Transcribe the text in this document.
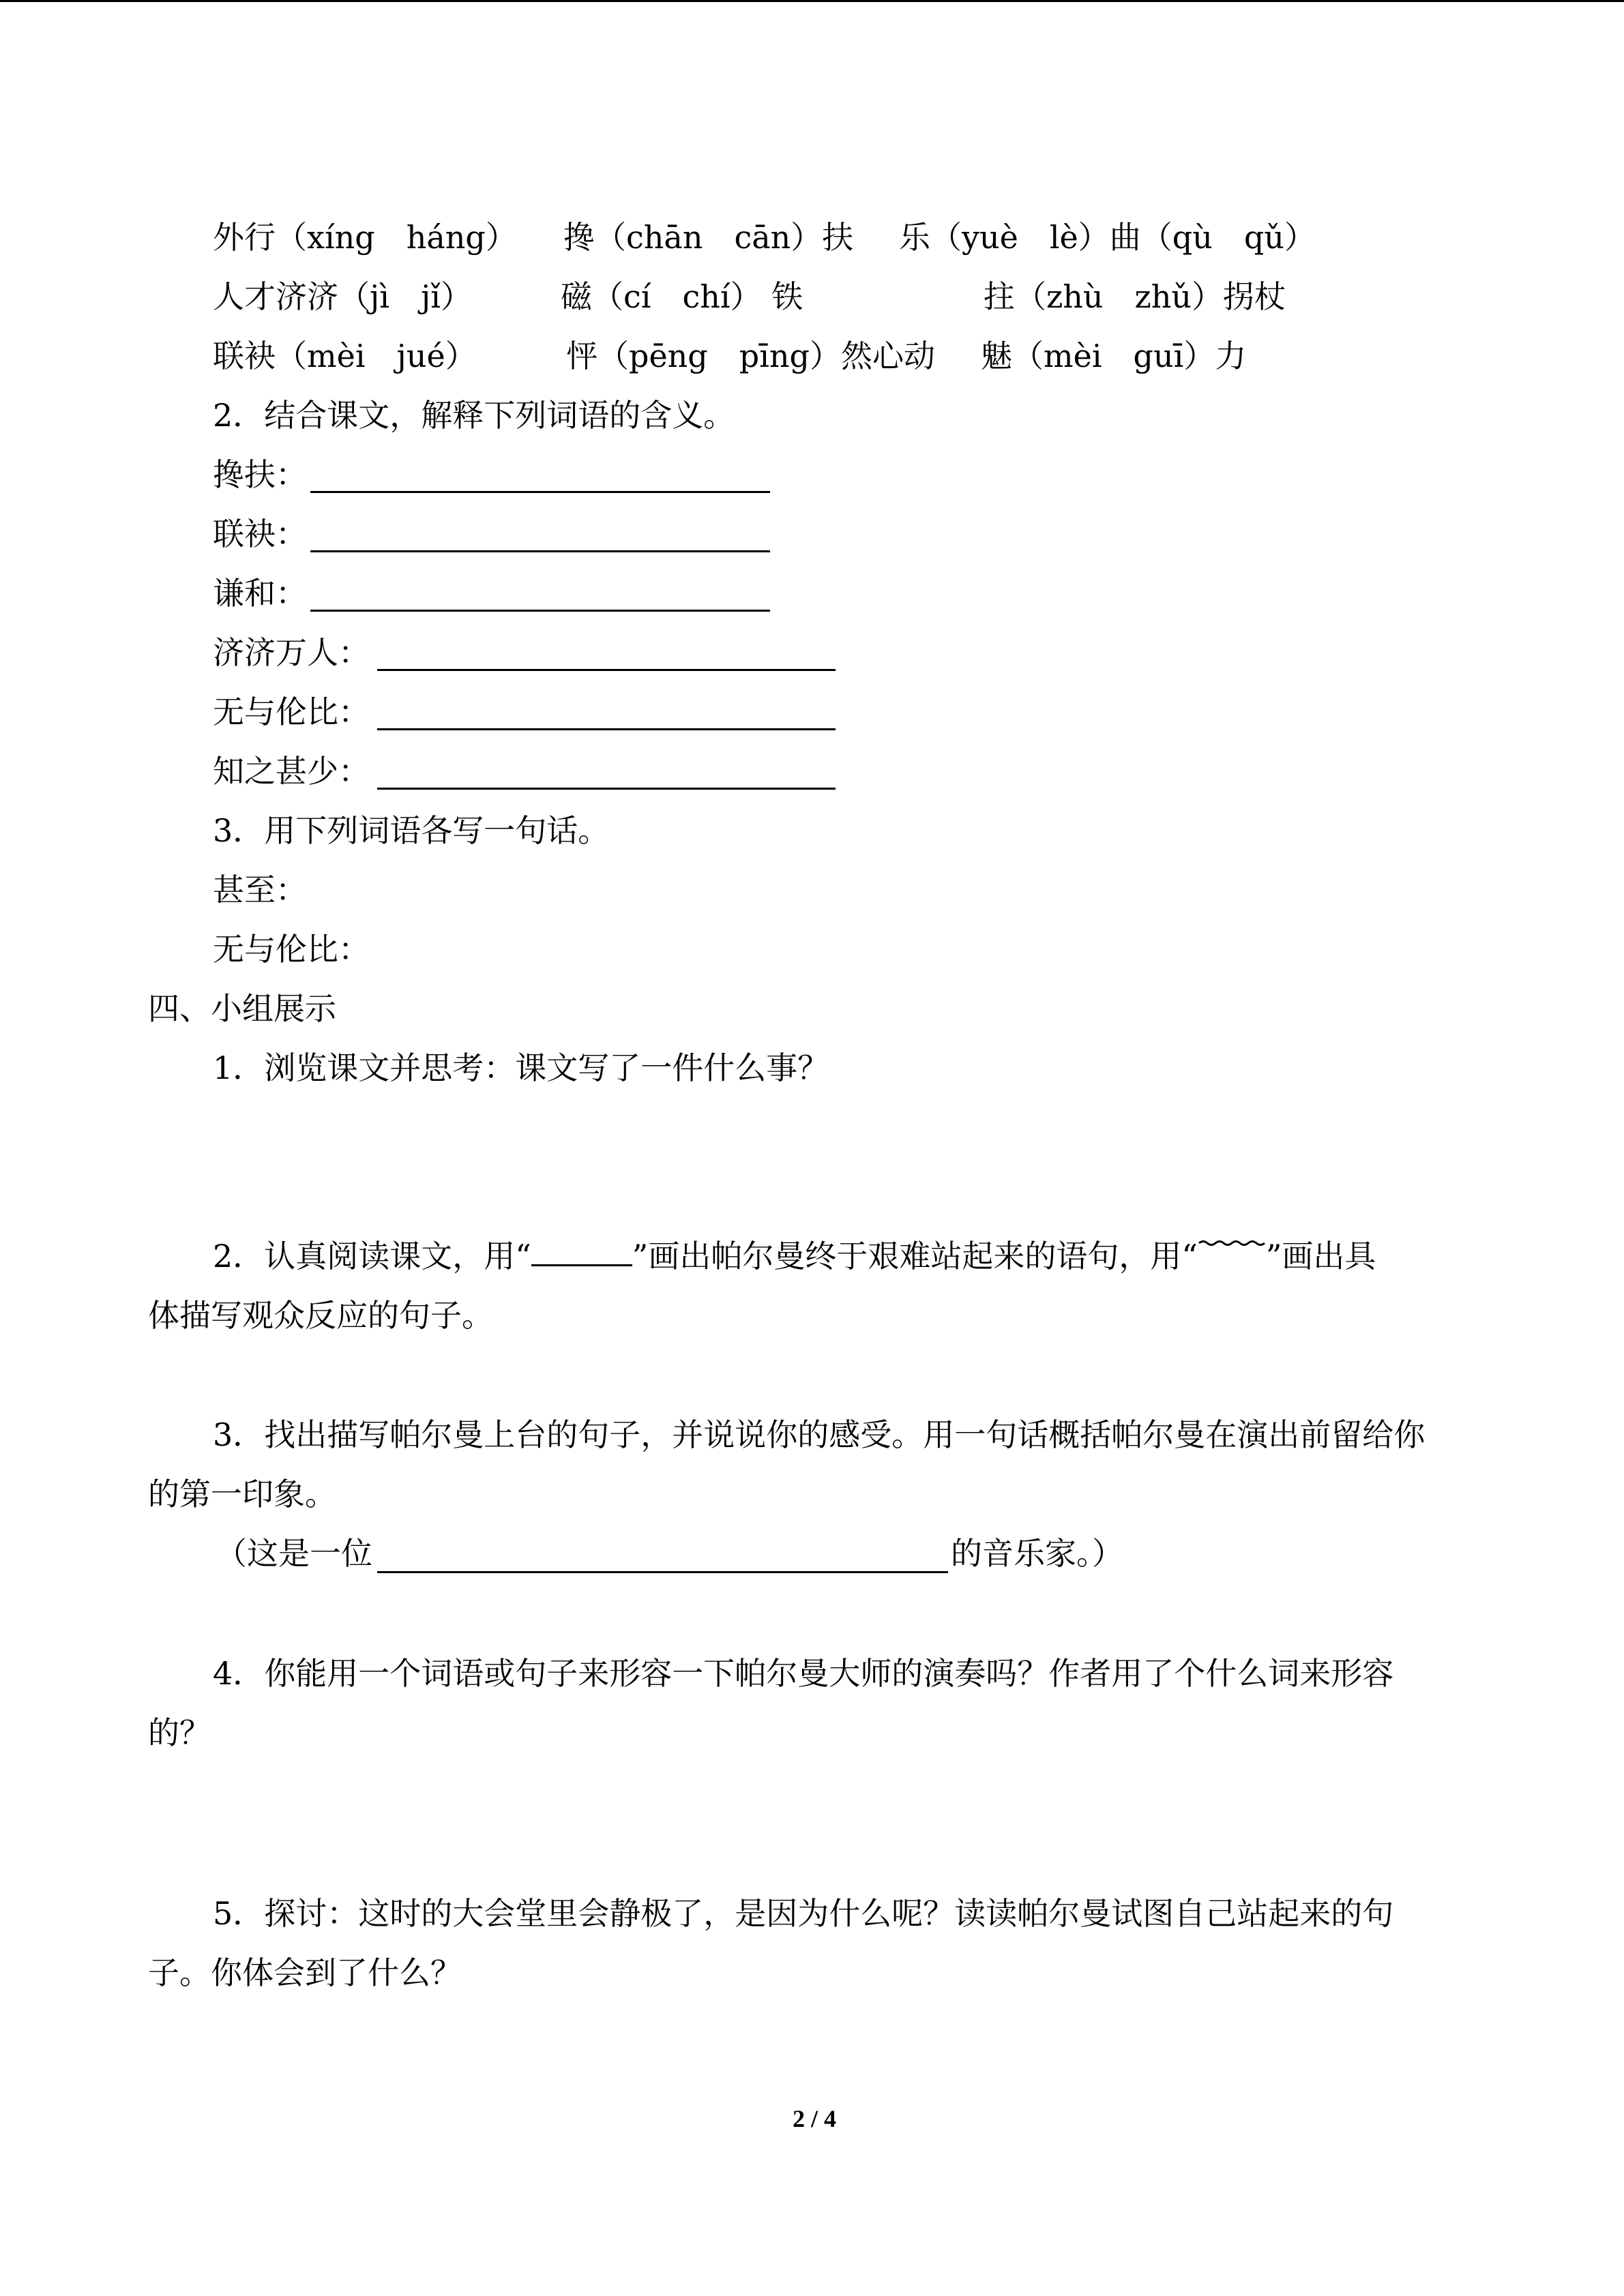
外行（xíng　háng） 搀（chān　cān）扶 乐（yuè　lè）曲（qù　qǔ）
人才济济（jì　jǐ）	磁（cí　chí） 铁	拄（zhù　zhǔ）拐杖
联袂（mèi　jué）	怦（pēng　pīng）然心动 魅（mèi　guī）力
2．结合课文，解释下列词语的含义。
搀扶：
联袂：
谦和：
济济万人：
无与伦比：
知之甚少：
3．用下列词语各写一句话。
甚至：
无与伦比：
四、小组展示
1．浏览课文并思考：课文写了一件什么事？
2．认真阅读课文，用“	”画出帕尔曼终于艰难站起来的语句，用“ ”画出具
体描写观众反应的句子。
3．找出描写帕尔曼上台的句子，并说说你的感受。用一句话概括帕尔曼在演出前留给你
的第一印象。
（这是一位	的音乐家。）
4．你能用一个词语或句子来形容一下帕尔曼大师的演奏吗？作者用了个什么词来形容
的？
5．探讨：这时的大会堂里会静极了，是因为什么呢？读读帕尔曼试图自己站起来的句
子。你体会到了什么？
2 / 4
